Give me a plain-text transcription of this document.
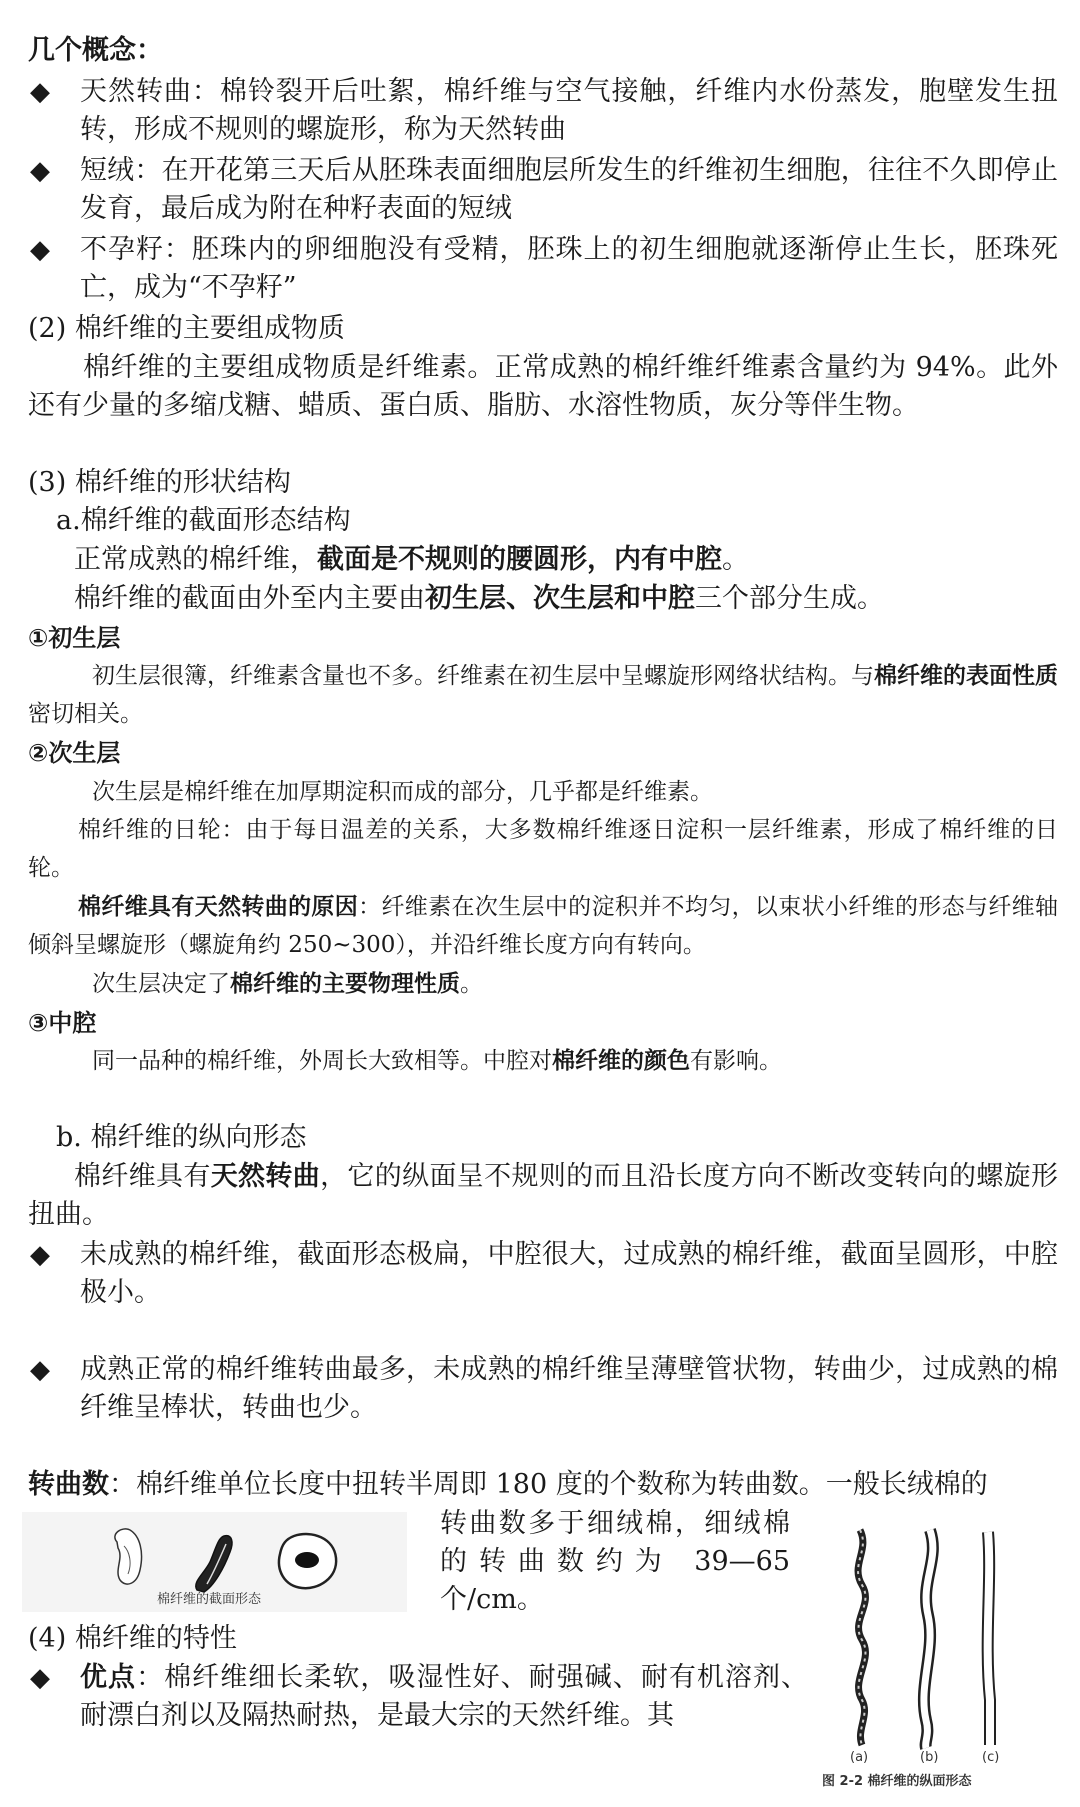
几个概念：
◆ 天然转曲：棉铃裂开后吐絮，棉纤维与空气接触，纤维内水份蒸发，胞壁发生扭转，形成不规则的螺旋形，称为天然转曲
◆ 短绒：在开花第三天后从胚珠表面细胞层所发生的纤维初生细胞，往往不久即停止发育，最后成为附在种籽表面的短绒
◆ 不孕籽：胚珠内的卵细胞没有受精，胚珠上的初生细胞就逐渐停止生长，胚珠死亡，成为“不孕籽”
(2) 棉纤维的主要组成物质
棉纤维的主要组成物质是纤维素。正常成熟的棉纤维纤维素含量约为 94%。此外还有少量的多缩戊糖、蜡质、蛋白质、脂肪、水溶性物质，灰分等伴生物。
(3) 棉纤维的形状结构
a.棉纤维的截面形态结构
正常成熟的棉纤维，截面是不规则的腰圆形，内有中腔。
棉纤维的截面由外至内主要由初生层、次生层和中腔三个部分生成。
①初生层
初生层很簿，纤维素含量也不多。纤维素在初生层中呈螺旋形网络状结构。与棉纤维的表面性质密切相关。
②次生层
次生层是棉纤维在加厚期淀积而成的部分，几乎都是纤维素。
棉纤维的日轮：由于每日温差的关系，大多数棉纤维逐日淀积一层纤维素，形成了棉纤维的日轮。
棉纤维具有天然转曲的原因：纤维素在次生层中的淀积并不均匀，以束状小纤维的形态与纤维轴倾斜呈螺旋形（螺旋角约 250~300），并沿纤维长度方向有转向。
次生层决定了棉纤维的主要物理性质。
③中腔
同一品种的棉纤维，外周长大致相等。中腔对棉纤维的颜色有影响。
b. 棉纤维的纵向形态
棉纤维具有天然转曲，它的纵面呈不规则的而且沿长度方向不断改变转向的螺旋形扭曲。
◆ 未成熟的棉纤维，截面形态极扁，中腔很大，过成熟的棉纤维，截面呈圆形，中腔极小。
◆ 成熟正常的棉纤维转曲最多，未成熟的棉纤维呈薄壁管状物，转曲少，过成熟的棉纤维呈棒状，转曲也少。
转曲数：棉纤维单位长度中扭转半周即 180 度的个数称为转曲数。一般长绒棉的
转曲数多于细绒棉，细绒棉的转曲数约为 39—65 个/cm。
棉纤维的截面形态
(a)	(b)	(c)
图 2-2 棉纤维的纵面形态
(4) 棉纤维的特性
◆ 优点：棉纤维细长柔软，吸湿性好、耐强碱、耐有机溶剂、耐漂白剂以及隔热耐热，是最大宗的天然纤维。其
